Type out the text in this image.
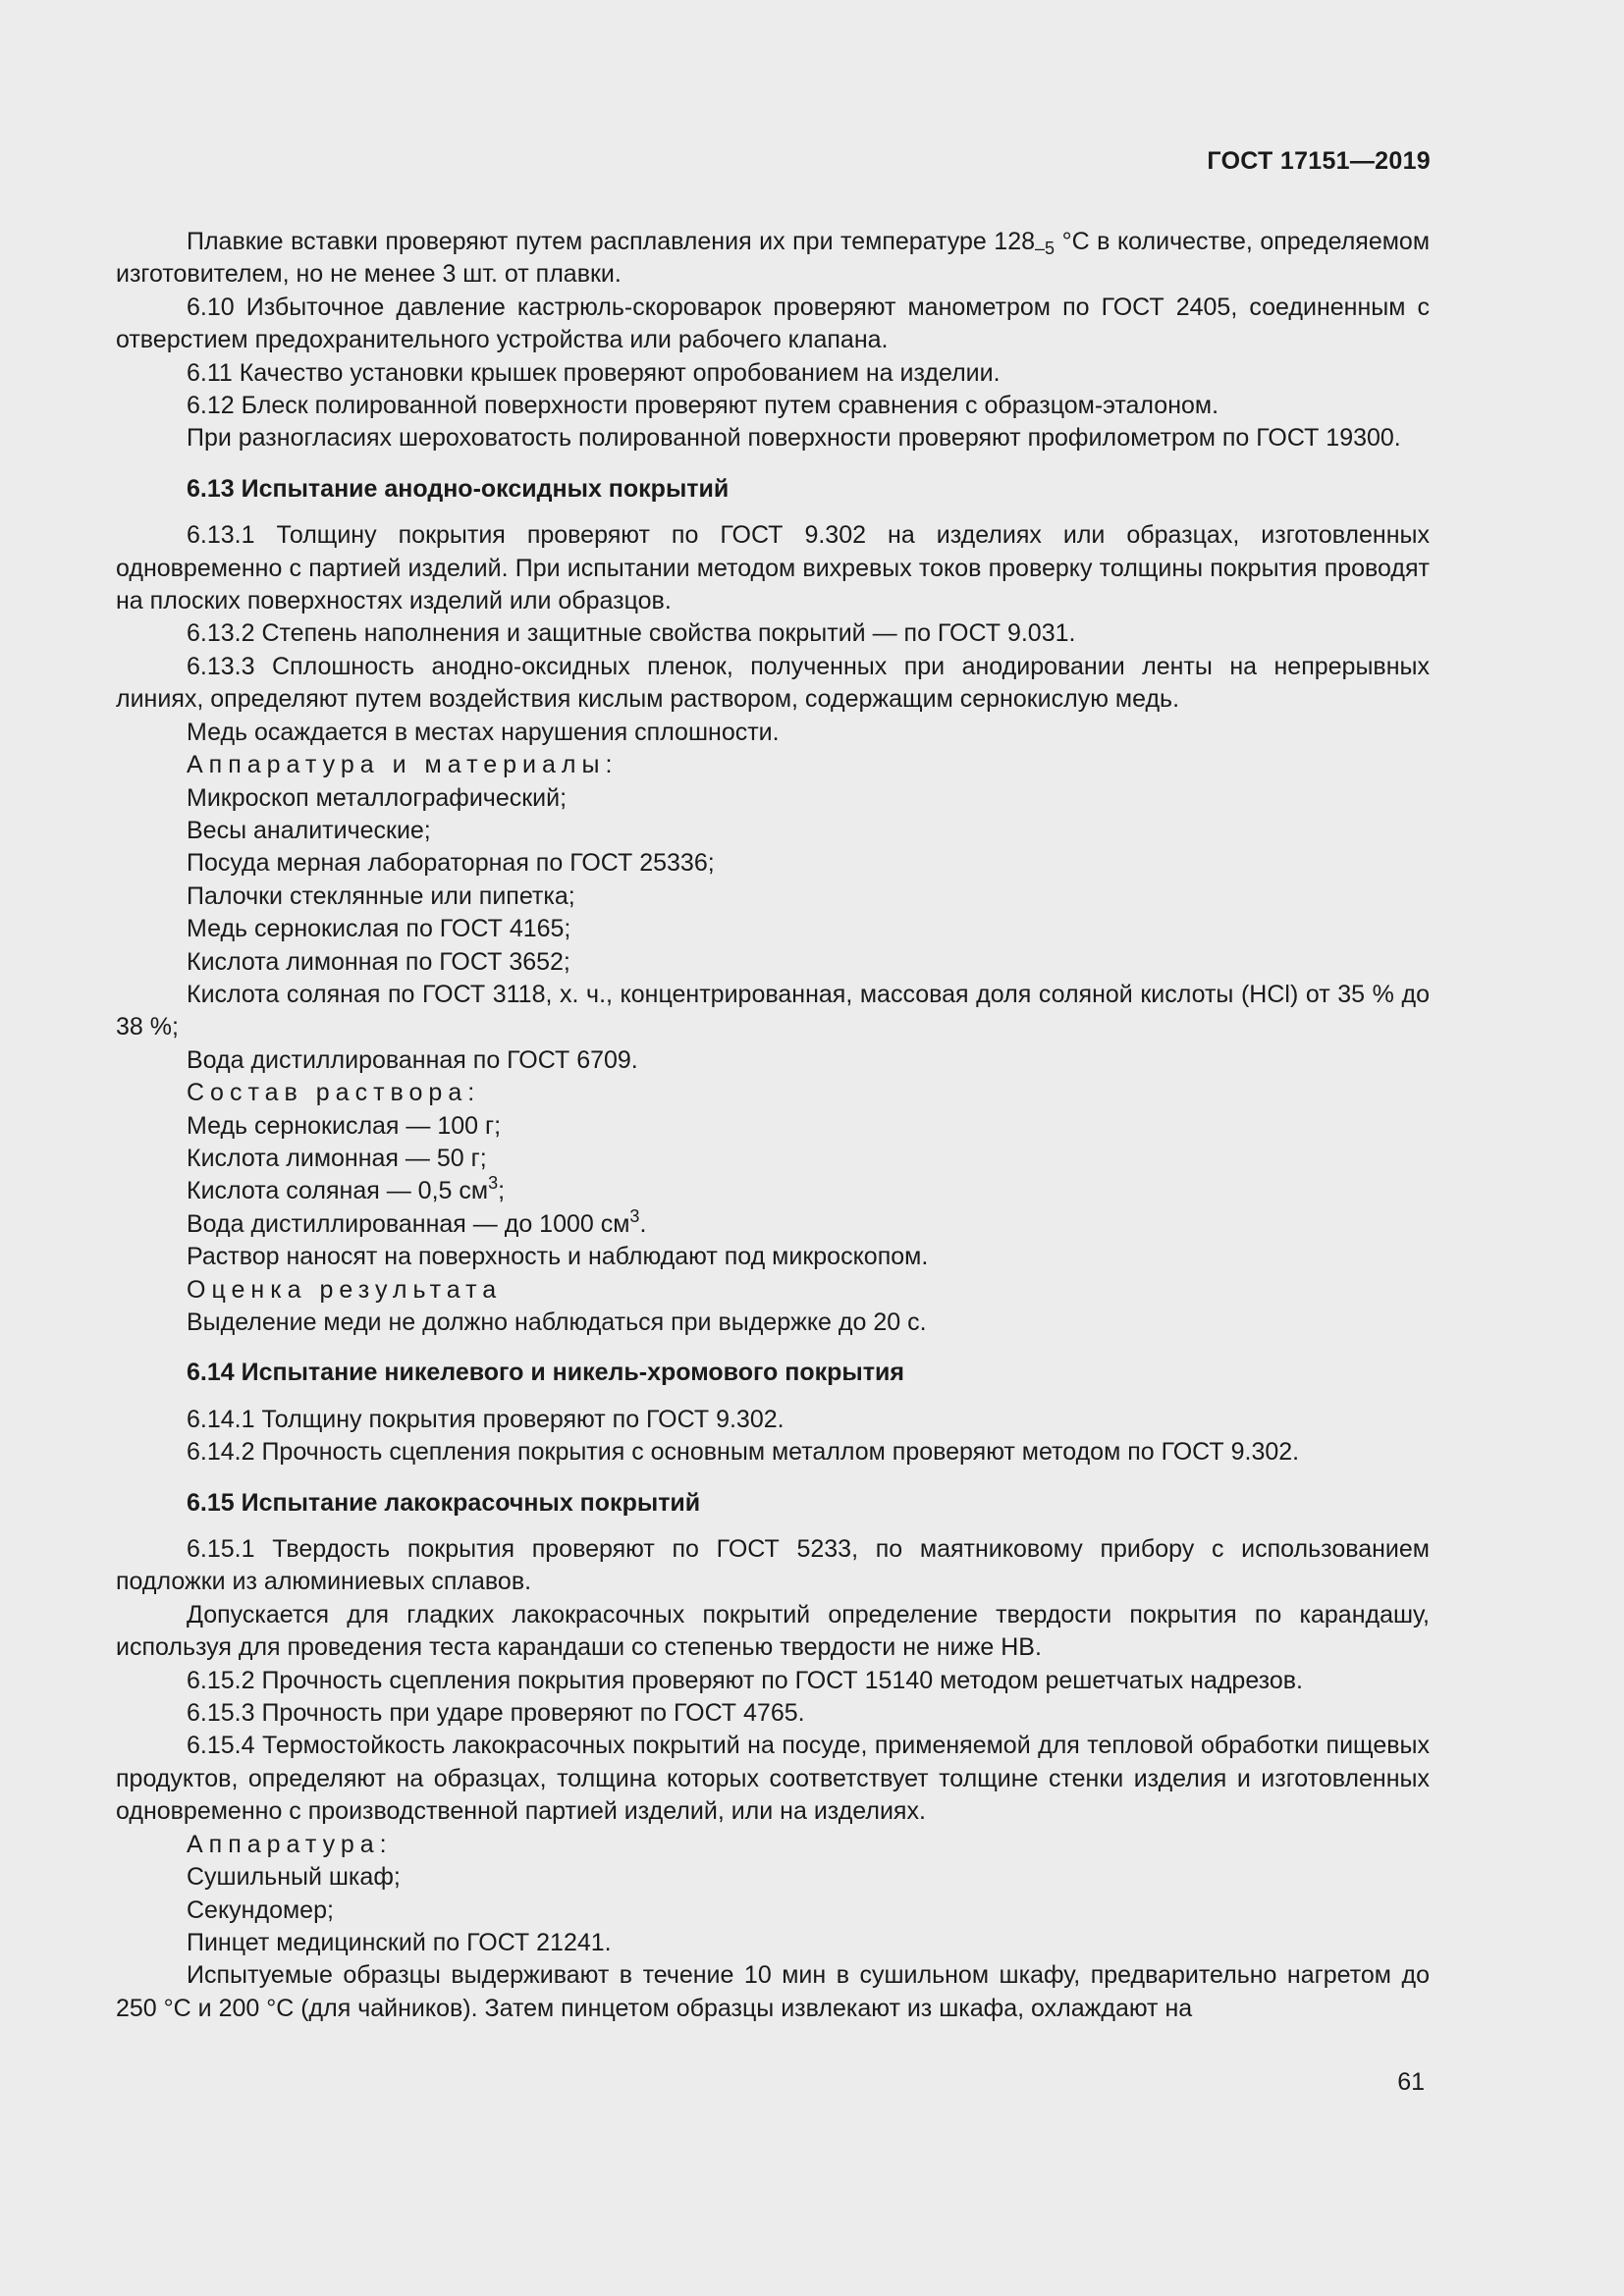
ГОСТ 17151—2019
Плавкие вставки проверяют путем расплавления их при температуре $128_{-5}$ °С в количестве, определяемом изготовителем, но не менее 3 шт. от плавки.
6.10 Избыточное давление кастрюль-скороварок проверяют манометром по ГОСТ 2405, соединенным с отверстием предохранительного устройства или рабочего клапана.
6.11 Качество установки крышек проверяют опробованием на изделии.
6.12 Блеск полированной поверхности проверяют путем сравнения с образцом-эталоном.
При разногласиях шероховатость полированной поверхности проверяют профилометром по ГОСТ 19300.
6.13 Испытание анодно-оксидных покрытий
6.13.1 Толщину покрытия проверяют по ГОСТ 9.302 на изделиях или образцах, изготовленных одновременно с партией изделий. При испытании методом вихревых токов проверку толщины покрытия проводят на плоских поверхностях изделий или образцов.
6.13.2 Степень наполнения и защитные свойства покрытий — по ГОСТ 9.031.
6.13.3 Сплошность анодно-оксидных пленок, полученных при анодировании ленты на непрерывных линиях, определяют путем воздействия кислым раствором, содержащим сернокислую медь.
Медь осаждается в местах нарушения сплошности.
Аппаратура и материалы:
Микроскоп металлографический;
Весы аналитические;
Посуда мерная лабораторная по ГОСТ 25336;
Палочки стеклянные или пипетка;
Медь сернокислая по ГОСТ 4165;
Кислота лимонная по ГОСТ 3652;
Кислота соляная по ГОСТ 3118, х. ч., концентрированная, массовая доля соляной кислоты (HCl) от 35 % до 38 %;
Вода дистиллированная по ГОСТ 6709.
Состав раствора:
Медь сернокислая — 100 г;
Кислота лимонная — 50 г;
Кислота соляная — 0,5 $см^3$;
Вода дистиллированная — до 1000 $см^3$.
Раствор наносят на поверхность и наблюдают под микроскопом.
Оценка результата
Выделение меди не должно наблюдаться при выдержке до 20 с.
6.14 Испытание никелевого и никель-хромового покрытия
6.14.1 Толщину покрытия проверяют по ГОСТ 9.302.
6.14.2 Прочность сцепления покрытия с основным металлом проверяют методом по ГОСТ 9.302.
6.15 Испытание лакокрасочных покрытий
6.15.1 Твердость покрытия проверяют по ГОСТ 5233, по маятниковому прибору с использованием подложки из алюминиевых сплавов.
Допускается для гладких лакокрасочных покрытий определение твердости покрытия по карандашу, используя для проведения теста карандаши со степенью твердости не ниже НВ.
6.15.2 Прочность сцепления покрытия проверяют по ГОСТ 15140 методом решетчатых надрезов.
6.15.3 Прочность при ударе проверяют по ГОСТ 4765.
6.15.4 Термостойкость лакокрасочных покрытий на посуде, применяемой для тепловой обработки пищевых продуктов, определяют на образцах, толщина которых соответствует толщине стенки изделия и изготовленных одновременно с производственной партией изделий, или на изделиях.
Аппаратура:
Сушильный шкаф;
Секундомер;
Пинцет медицинский по ГОСТ 21241.
Испытуемые образцы выдерживают в течение 10 мин в сушильном шкафу, предварительно нагретом до 250 °С и 200 °С (для чайников). Затем пинцетом образцы извлекают из шкафа, охлаждают на
61
